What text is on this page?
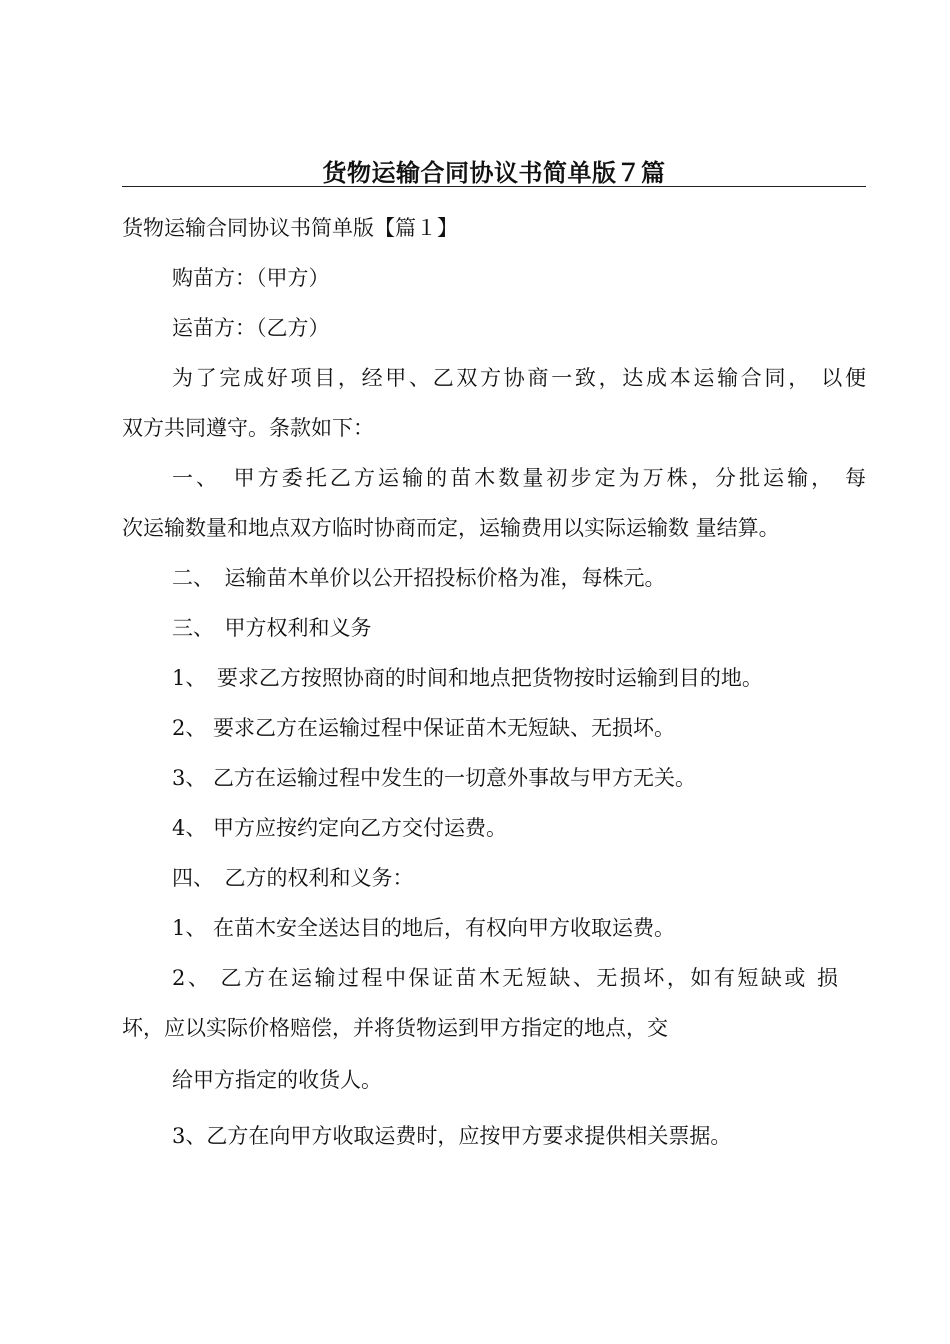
货物运输合同协议书简单版７篇

货物运输合同协议书简单版【篇１】

购苗方：（甲方）

运苗方：（乙方）

为了完成好项目，经甲、乙双方协商一致，达成本运输合同， 以便

双方共同遵守。条款如下：

一、　甲方委托乙方运输的苗木数量初步定为万株，分批运输， 每

次运输数量和地点双方临时协商而定，运输费用以实际运输数 量结算。

二、　运输苗木单价以公开招投标价格为准，每株元。

三、　甲方权利和义务

1、　要求乙方按照协商的时间和地点把货物按时运输到目的地。

2、 要求乙方在运输过程中保证苗木无短缺、无损坏。

3、 乙方在运输过程中发生的一切意外事故与甲方无关。

4、 甲方应按约定向乙方交付运费。

四、　乙方的权利和义务：

1、 在苗木安全送达目的地后，有权向甲方收取运费。

2、 乙方在运输过程中保证苗木无短缺、无损坏，如有短缺或 损

坏，应以实际价格赔偿，并将货物运到甲方指定的地点，交

给甲方指定的收货人。

3、乙方在向甲方收取运费时，应按甲方要求提供相关票据。
